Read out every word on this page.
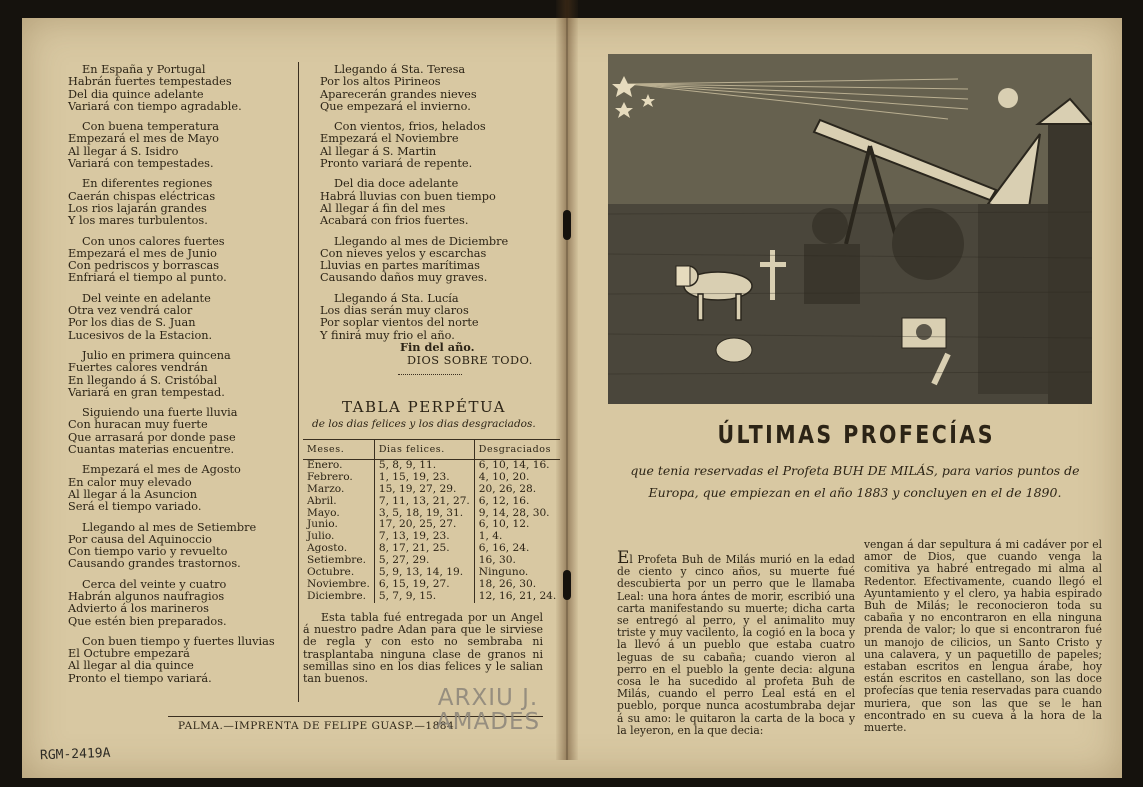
En España y Portugal
Habrán fuertes tempestades
Del dia quince adelante
Variará con tiempo agradable.
Con buena temperatura
Empezará el mes de Mayo
Al llegar á S. Isidro
Variará con tempestades.
En diferentes regiones
Caerán chispas eléctricas
Los rios lajarán grandes
Y los mares turbulentos.
Con unos calores fuertes
Empezará el mes de Junio
Con pedriscos y borrascas
Enfriará el tiempo al punto.
Del veinte en adelante
Otra vez vendrá calor
Por los dias de S. Juan
Lucesivos de la Estacion.
Julio en primera quincena
Fuertes calores vendrán
En llegando á S. Cristóbal
Variará en gran tempestad.
Siguiendo una fuerte lluvia
Con huracan muy fuerte
Que arrasará por donde pase
Cuantas materias encuentre.
Empezará el mes de Agosto
En calor muy elevado
Al llegar á la Asuncion
Será el tiempo variado.
Llegando al mes de Setiembre
Por causa del Aquinoccio
Con tiempo vario y revuelto
Causando grandes trastornos.
Cerca del veinte y cuatro
Habrán algunos naufragios
Advierto á los marineros
Que estén bien preparados.
Con buen tiempo y fuertes lluvias
El Octubre empezará
Al llegar al dia quince
Pronto el tiempo variará.
Llegando á Sta. Teresa
Por los altos Pirineos
Aparecerán grandes nieves
Que empezará el invierno.
Con vientos, frios, helados
Empezará el Noviembre
Al llegar á S. Martin
Pronto variará de repente.
Del dia doce adelante
Habrá lluvias con buen tiempo
Al llegar á fin del mes
Acabará con frios fuertes.
Llegando al mes de Diciembre
Con nieves yelos y escarchas
Lluvias en partes marítimas
Causando daños muy graves.
Llegando á Sta. Lucía
Los dias serán muy claros
Por soplar vientos del norte
Y finirá muy frio el año.
Fin del año.
DIOS SOBRE TODO.
TABLA PERPÉTUA
de los dias felices y los dias desgraciados.
Meses.	Dias felices.	Desgraciados
Enero.	5, 8, 9, 11.	6, 10, 14, 16.
Febrero.	1, 15, 19, 23.	4, 10, 20.
Marzo.	15, 19, 27, 29.	20, 26, 28.
Abril.	7, 11, 13, 21, 27.	6, 12, 16.
Mayo.	3, 5, 18, 19, 31.	9, 14, 28, 30.
Junio.	17, 20, 25, 27.	6, 10, 12.
Julio.	7, 13, 19, 23.	1, 4.
Agosto.	8, 17, 21, 25.	6, 16, 24.
Setiembre.	5, 27, 29.	16, 30.
Octubre.	5, 9, 13, 14, 19.	Ninguno.
Noviembre.	6, 15, 19, 27.	18, 26, 30.
Diciembre.	5, 7, 9, 15.	12, 16, 21, 24.
Esta tabla fué entregada por un Angel á nuestro padre Adan para que le sirviese de regla y con esto no sembraba ni trasplantaba ninguna clase de granos ni semillas sino en los dias felices y le salian tan buenos.
PALMA.—IMPRENTA DE FELIPE GUASP.—1884.
ARXIU J.
AMADES
RGM-2419A
ÚLTIMAS PROFECÍAS
que tenia reservadas el Profeta BUH DE MILÁS, para varios puntos de Europa, que empiezan en el año 1883 y concluyen en el de 1890.
El Profeta Buh de Milás murió en la edad de ciento y cinco años, su muerte fué descubierta por un perro que le llamaba Leal: una hora ántes de morir, escribió una carta manifestando su muerte; dicha carta se entregó al perro, y el animalito muy triste y muy vacilento, la cogió en la boca y la llevó á un pueblo que estaba cuatro leguas de su cabaña; cuando vieron al perro en el pueblo la gente decia: alguna cosa le ha sucedido al profeta Buh de Milás, cuando el perro Leal está en el pueblo, porque nunca acostumbraba dejar á su amo: le quitaron la carta de la boca y la leyeron, en la que decia:
vengan á dar sepultura á mi cadáver por el amor de Dios, que cuando venga la comitiva ya habré entregado mi alma al Redentor. Efectivamente, cuando llegó el Ayuntamiento y el clero, ya habia espirado Buh de Milás; le reconocieron toda su cabaña y no encontraron en ella ninguna prenda de valor; lo que si encontraron fué un manojo de cilicios, un Santo Cristo y una calavera, y un paquetillo de papeles; estaban escritos en lengua árabe, hoy están escritos en castellano, son las doce profecías que tenia reservadas para cuando muriera, que son las que se le han encontrado en su cueva á la hora de la muerte.
